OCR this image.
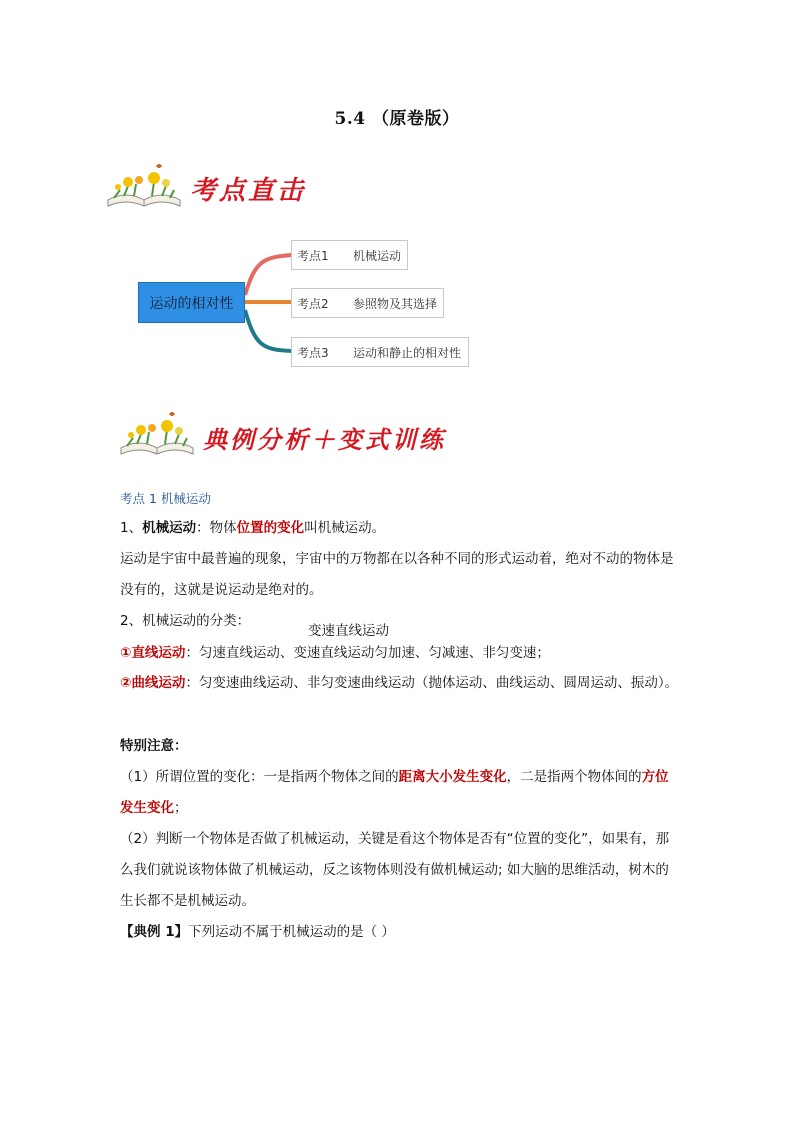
5.4 （原卷版）
考点直击
运动的相对性
考点1	机械运动
考点2	参照物及其选择
考点3	运动和静止的相对性
典例分析＋变式训练
考点 1 机械运动
1、机械运动：物体位置的变化叫机械运动。
运动是宇宙中最普遍的现象，宇宙中的万物都在以各种不同的形式运动着，绝对不动的物体是没有的，这就是说运动是绝对的。
2、机械运动的分类：
变速直线运动
①直线运动：匀速直线运动、变速直线运动匀加速、匀减速、非匀变速；
②曲线运动：匀变速曲线运动、非匀变速曲线运动（抛体运动、曲线运动、圆周运动、振动）。
特别注意：
（1）所谓位置的变化：一是指两个物体之间的距离大小发生变化，二是指两个物体间的方位发生变化；
（2）判断一个物体是否做了机械运动，关键是看这个物体是否有“位置的变化”，如果有，那么我们就说该物体做了机械运动，反之该物体则没有做机械运动; 如大脑的思维活动，树木的生长都不是机械运动。
【典例 1】下列运动不属于机械运动的是（ ）
